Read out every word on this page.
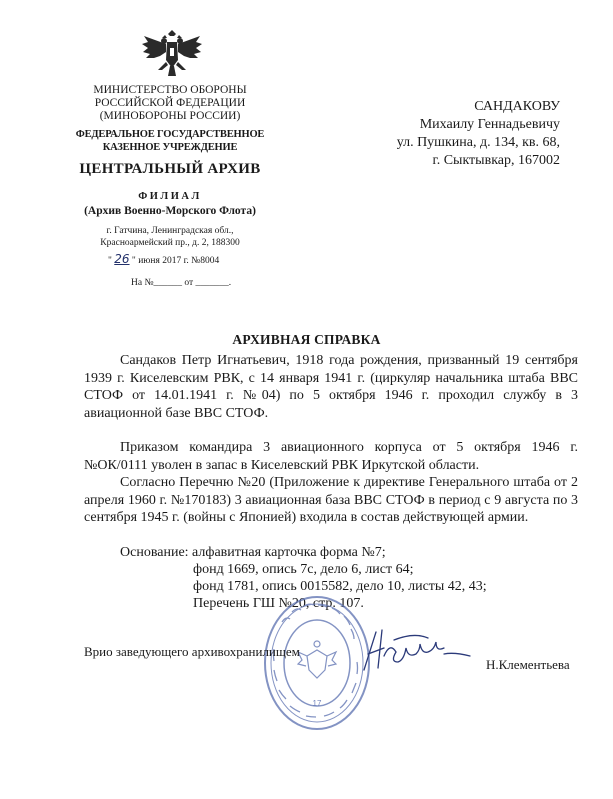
МИНИСТЕРСТВО ОБОРОНЫ
РОССИЙСКОЙ ФЕДЕРАЦИИ
(МИНОБОРОНЫ РОССИИ)
ФЕДЕРАЛЬНОЕ ГОСУДАРСТВЕННОЕ
КАЗЕННОЕ УЧРЕЖДЕНИЕ
ЦЕНТРАЛЬНЫЙ АРХИВ
ФИЛИАЛ
(Архив Военно-Морского Флота)
г. Гатчина, Ленинградская обл.,
Красноармейский пр., д. 2, 188300
" 26 " июня 2017 г. №8004
На №______ от _______.
САНДАКОВУ
Михаилу Геннадьевичу
ул. Пушкина, д. 134, кв. 68,
г. Сыктывкар, 167002
АРХИВНАЯ СПРАВКА
Сандаков Петр Игнатьевич, 1918 года рождения, призванный 19 сентября 1939 г. Киселевским РВК, с 14 января 1941 г. (циркуляр начальника штаба ВВС СТОФ от 14.01.1941 г. №04) по 5 октября 1946 г. проходил службу в 3 авиационной базе ВВС СТОФ.
Приказом командира 3 авиационного корпуса от 5 октября 1946 г. №ОК/0111 уволен в запас в Киселевский РВК Иркутской области.
Согласно Перечню №20 (Приложение к директиве Генерального штаба от 2 апреля 1960 г. №170183) 3 авиационная база ВВС СТОФ в период с 9 августа по 3 сентября 1945 г. (войны с Японией) входила в состав действующей армии.
Основание: алфавитная карточка форма №7;
фонд 1669, опись 7с, дело 6, лист 64;
фонд 1781, опись 0015582, дело 10, листы 42, 43;
Перечень ГШ №20, стр. 107.
17
Врио заведующего архивохранилищем
Н.Клементьева
